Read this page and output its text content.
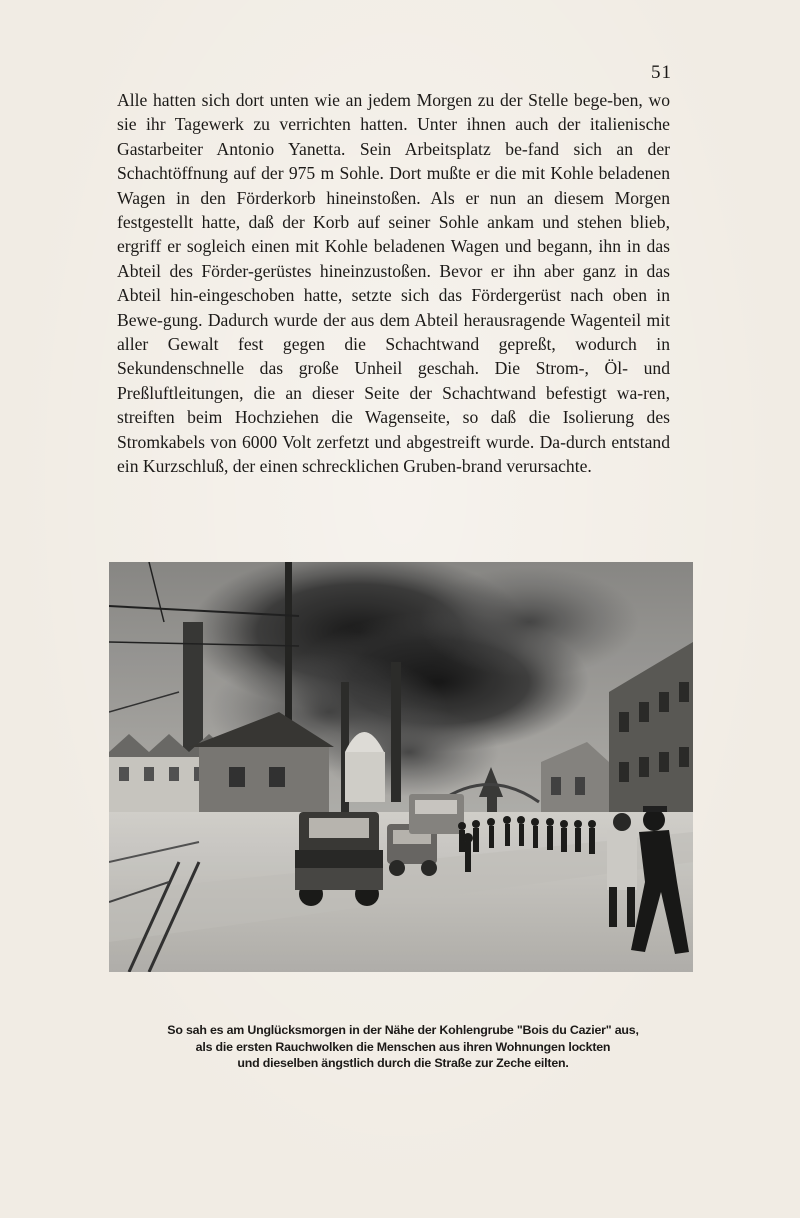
51

Alle hatten sich dort unten wie an jedem Morgen zu der Stelle bege-ben, wo sie ihr Tagewerk zu verrichten hatten. Unter ihnen auch der italienische Gastarbeiter Antonio Yanetta. Sein Arbeitsplatz be-fand sich an der Schachtöffnung auf der 975 m Sohle. Dort mußte er die mit Kohle beladenen Wagen in den Förderkorb hineinstoßen. Als er nun an diesem Morgen festgestellt hatte, daß der Korb auf seiner Sohle ankam und stehen blieb, ergriff er sogleich einen mit Kohle beladenen Wagen und begann, ihn in das Abteil des Förder-gerüstes hineinzustoßen. Bevor er ihn aber ganz in das Abteil hin-eingeschoben hatte, setzte sich das Fördergerüst nach oben in Bewe-gung. Dadurch wurde der aus dem Abteil herausragende Wagenteil mit aller Gewalt fest gegen die Schachtwand gepreßt, wodurch in Sekundenschnelle das große Unheil geschah. Die Strom-, Öl- und Preßluftleitungen, die an dieser Seite der Schachtwand befestigt wa-ren, streiften beim Hochziehen die Wagenseite, so daß die Isolierung des Stromkabels von 6000 Volt zerfetzt und abgestreift wurde. Da-durch entstand ein Kurzschluß, der einen schrecklichen Gruben-brand verursachte.

So sah es am Unglücksmorgen in der Nähe der Kohlengrube "Bois du Cazier" aus,
als die ersten Rauchwolken die Menschen aus ihren Wohnungen lockten
und dieselben ängstlich durch die Straße zur Zeche eilten.
